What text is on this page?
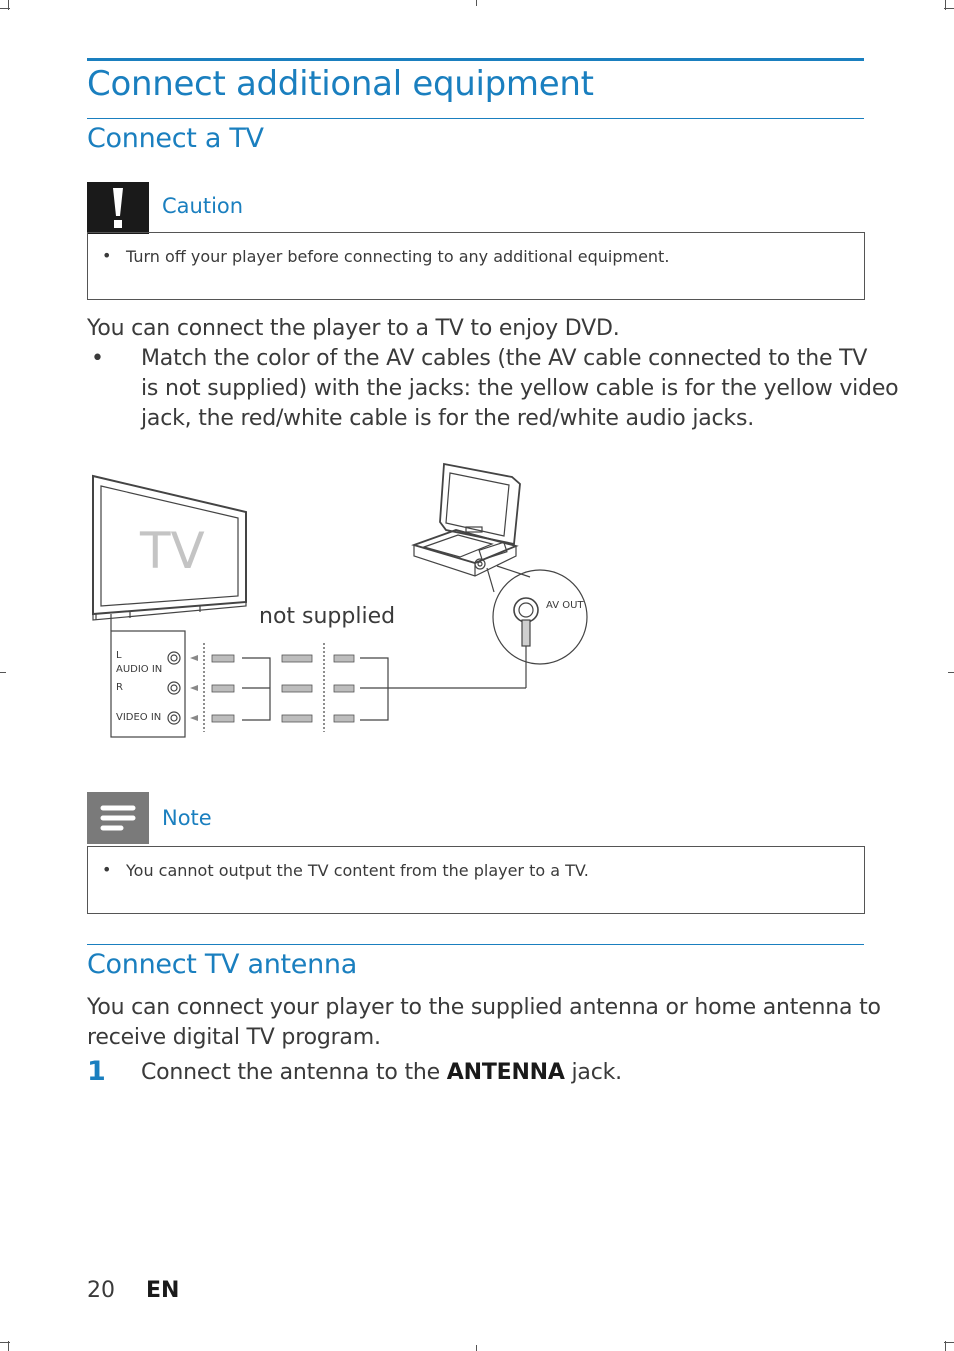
Connect additional equipment
Connect a TV
Caution
• Turn off your player before connecting to any additional equipment.
You can connect the player to a TV to enjoy DVD.
• Match the color of the AV cables (the AV cable connected to the TV
is not supplied) with the jacks: the yellow cable is for the yellow video
jack, the red/white cable is for the red/white audio jacks.
TV
not supplied	AV OUT
L
AUDIO IN
R
VIDEO IN
Note
• You cannot output the TV content from the player to a TV.
Connect TV antenna
You can connect your player to the supplied antenna or home antenna to
receive digital TV program.
1 Connect the antenna to the ANTENNA jack.
20 EN
